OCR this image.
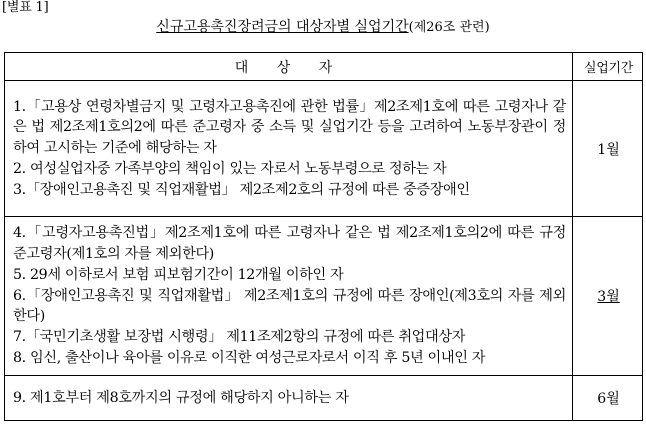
[별표 1]
신규고용촉진장려금의 대상자별 실업기간(제26조 관련)
대 상 자	실업기간

1.「고용상 연령차별금지 및 고령자고용촉진에 관한 법률」제2조제1호에 따른 고령자나 같은 법 제2조제1호의2에 따른 준고령자 중 소득 및 실업기간 등을 고려하여 노동부장관이 정하여 고시하는 기준에 해당하는 자
2. 여성실업자중 가족부양의 책임이 있는 자로서 노동부령으로 정하는 자
3.「장애인고용촉진 및 직업재활법」 제2조제2호의 규정에 따른 중증장애인	1월

4.「고령자고용촉진법」제2조제1호에 따른 고령자나 같은 법 제2조제1호의2에 따른 규정 준고령자(제1호의 자를 제외한다)
5. 29세 이하로서 보험 피보험기간이 12개월 이하인 자
6.「장애인고용촉진 및 직업재활법」 제2조제1호의 규정에 따른 장애인(제3호의 자를 제외한다)
7.「국민기초생활 보장법 시행령」 제11조제2항의 규정에 따른 취업대상자
8. 임신, 출산이나 육아를 이유로 이직한 여성근로자로서 이직 후 5년 이내인 자	3월

9. 제1호부터 제8호까지의 규정에 해당하지 아니하는 자	6월
